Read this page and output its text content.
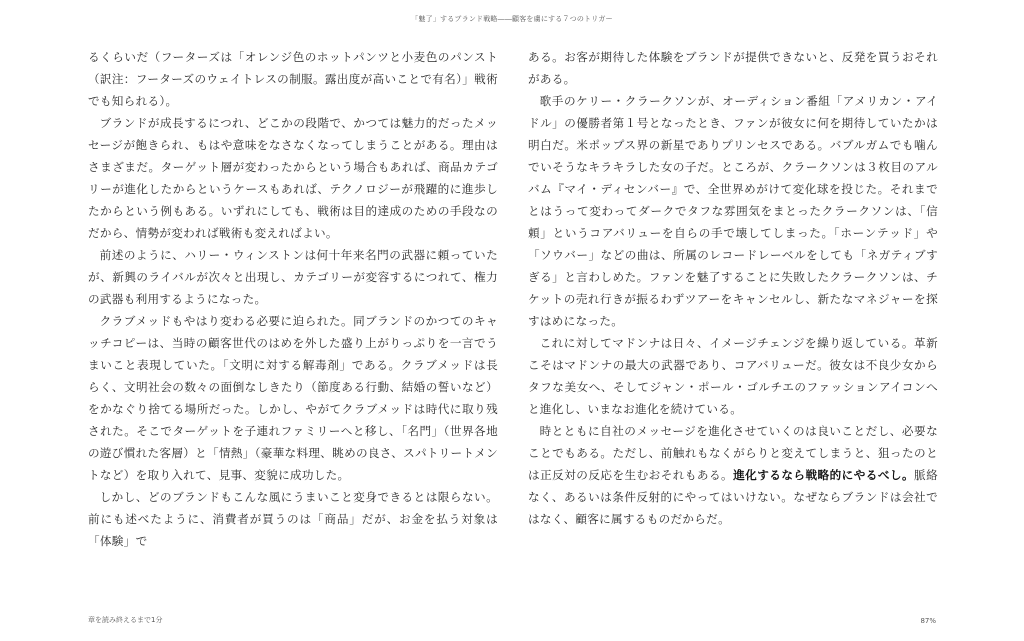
「魅了」するブランド戦略――顧客を虜にする７つのトリガー

るくらいだ（フーターズは「オレンジ色のホットパンツと小麦色のパンスト（訳注：フーターズのウェイトレスの制服。露出度が高いことで有名）」戦術でも知られる）。

ブランドが成長するにつれ、どこかの段階で、かつては魅力的だったメッセージが飽きられ、もはや意味をなさなくなってしまうことがある。理由はさまざまだ。ターゲット層が変わったからという場合もあれば、商品カテゴリーが進化したからというケースもあれば、テクノロジーが飛躍的に進歩したからという例もある。いずれにしても、戦術は目的達成のための手段なのだから、情勢が変われば戦術も変えればよい。

前述のように、ハリー・ウィンストンは何十年来名門の武器に頼っていたが、新興のライバルが次々と出現し、カテゴリーが変容するにつれて、権力の武器も利用するようになった。

クラブメッドもやはり変わる必要に迫られた。同ブランドのかつてのキャッチコピーは、当時の顧客世代のはめを外した盛り上がりっぷりを一言でうまいこと表現していた。「文明に対する解毒剤」である。クラブメッドは長らく、文明社会の数々の面倒なしきたり（節度ある行動、結婚の誓いなど）をかなぐり捨てる場所だった。しかし、やがてクラブメッドは時代に取り残された。そこでターゲットを子連れファミリーへと移し、「名門」（世界各地の遊び慣れた客層）と「情熱」（豪華な料理、眺めの良さ、スパトリートメントなど）を取り入れて、見事、変貌に成功した。

しかし、どのブランドもこんな風にうまいこと変身できるとは限らない。前にも述べたように、消費者が買うのは「商品」だが、お金を払う対象は「体験」で

ある。お客が期待した体験をブランドが提供できないと、反発を買うおそれがある。

歌手のケリー・クラークソンが、オーディション番組「アメリカン・アイドル」の優勝者第１号となったとき、ファンが彼女に何を期待していたかは明白だ。米ポップス界の新星でありプリンセスである。バブルガムでも噛んでいそうなキラキラした女の子だ。ところが、クラークソンは３枚目のアルバム『マイ・ディセンバー』で、全世界めがけて変化球を投じた。それまでとはうって変わってダークでタフな雰囲気をまとったクラークソンは、「信頼」というコアバリューを自らの手で壊してしまった。「ホーンテッド」や「ソウバー」などの曲は、所属のレコードレーベルをしても「ネガティブすぎる」と言わしめた。ファンを魅了することに失敗したクラークソンは、チケットの売れ行きが振るわずツアーをキャンセルし、新たなマネジャーを探すはめになった。

これに対してマドンナは日々、イメージチェンジを繰り返している。革新こそはマドンナの最大の武器であり、コアバリューだ。彼女は不良少女からタフな美女へ、そしてジャン・ポール・ゴルチエのファッションアイコンへと進化し、いまなお進化を続けている。

時とともに自社のメッセージを進化させていくのは良いことだし、必要なことでもある。ただし、前触れもなくがらりと変えてしまうと、狙ったのとは正反対の反応を生むおそれもある。進化するなら戦略的にやるべし。脈絡なく、あるいは条件反射的にやってはいけない。なぜならブランドは会社ではなく、顧客に属するものだからだ。

章を読み終えるまで1分	87%
